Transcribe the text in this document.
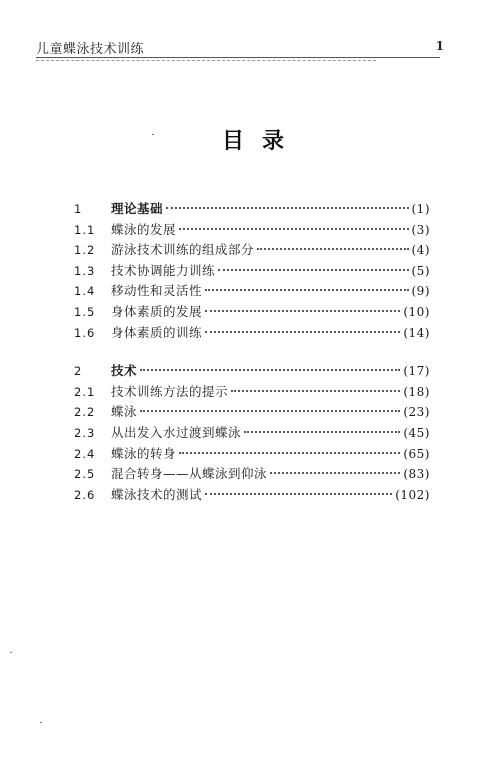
儿童蝶泳技术训练	1
目录
1	理论基础	(1)
1.1	蝶泳的发展	(3)
1.2	游泳技术训练的组成部分	(4)
1.3	技术协调能力训练	(5)
1.4	移动性和灵活性	(9)
1.5	身体素质的发展	(10)
1.6	身体素质的训练	(14)
2	技术	(17)
2.1	技术训练方法的提示	(18)
2.2	蝶泳	(23)
2.3	从出发入水过渡到蝶泳	(45)
2.4	蝶泳的转身	(65)
2.5	混合转身——从蝶泳到仰泳	(83)
2.6	蝶泳技术的测试	(102)
